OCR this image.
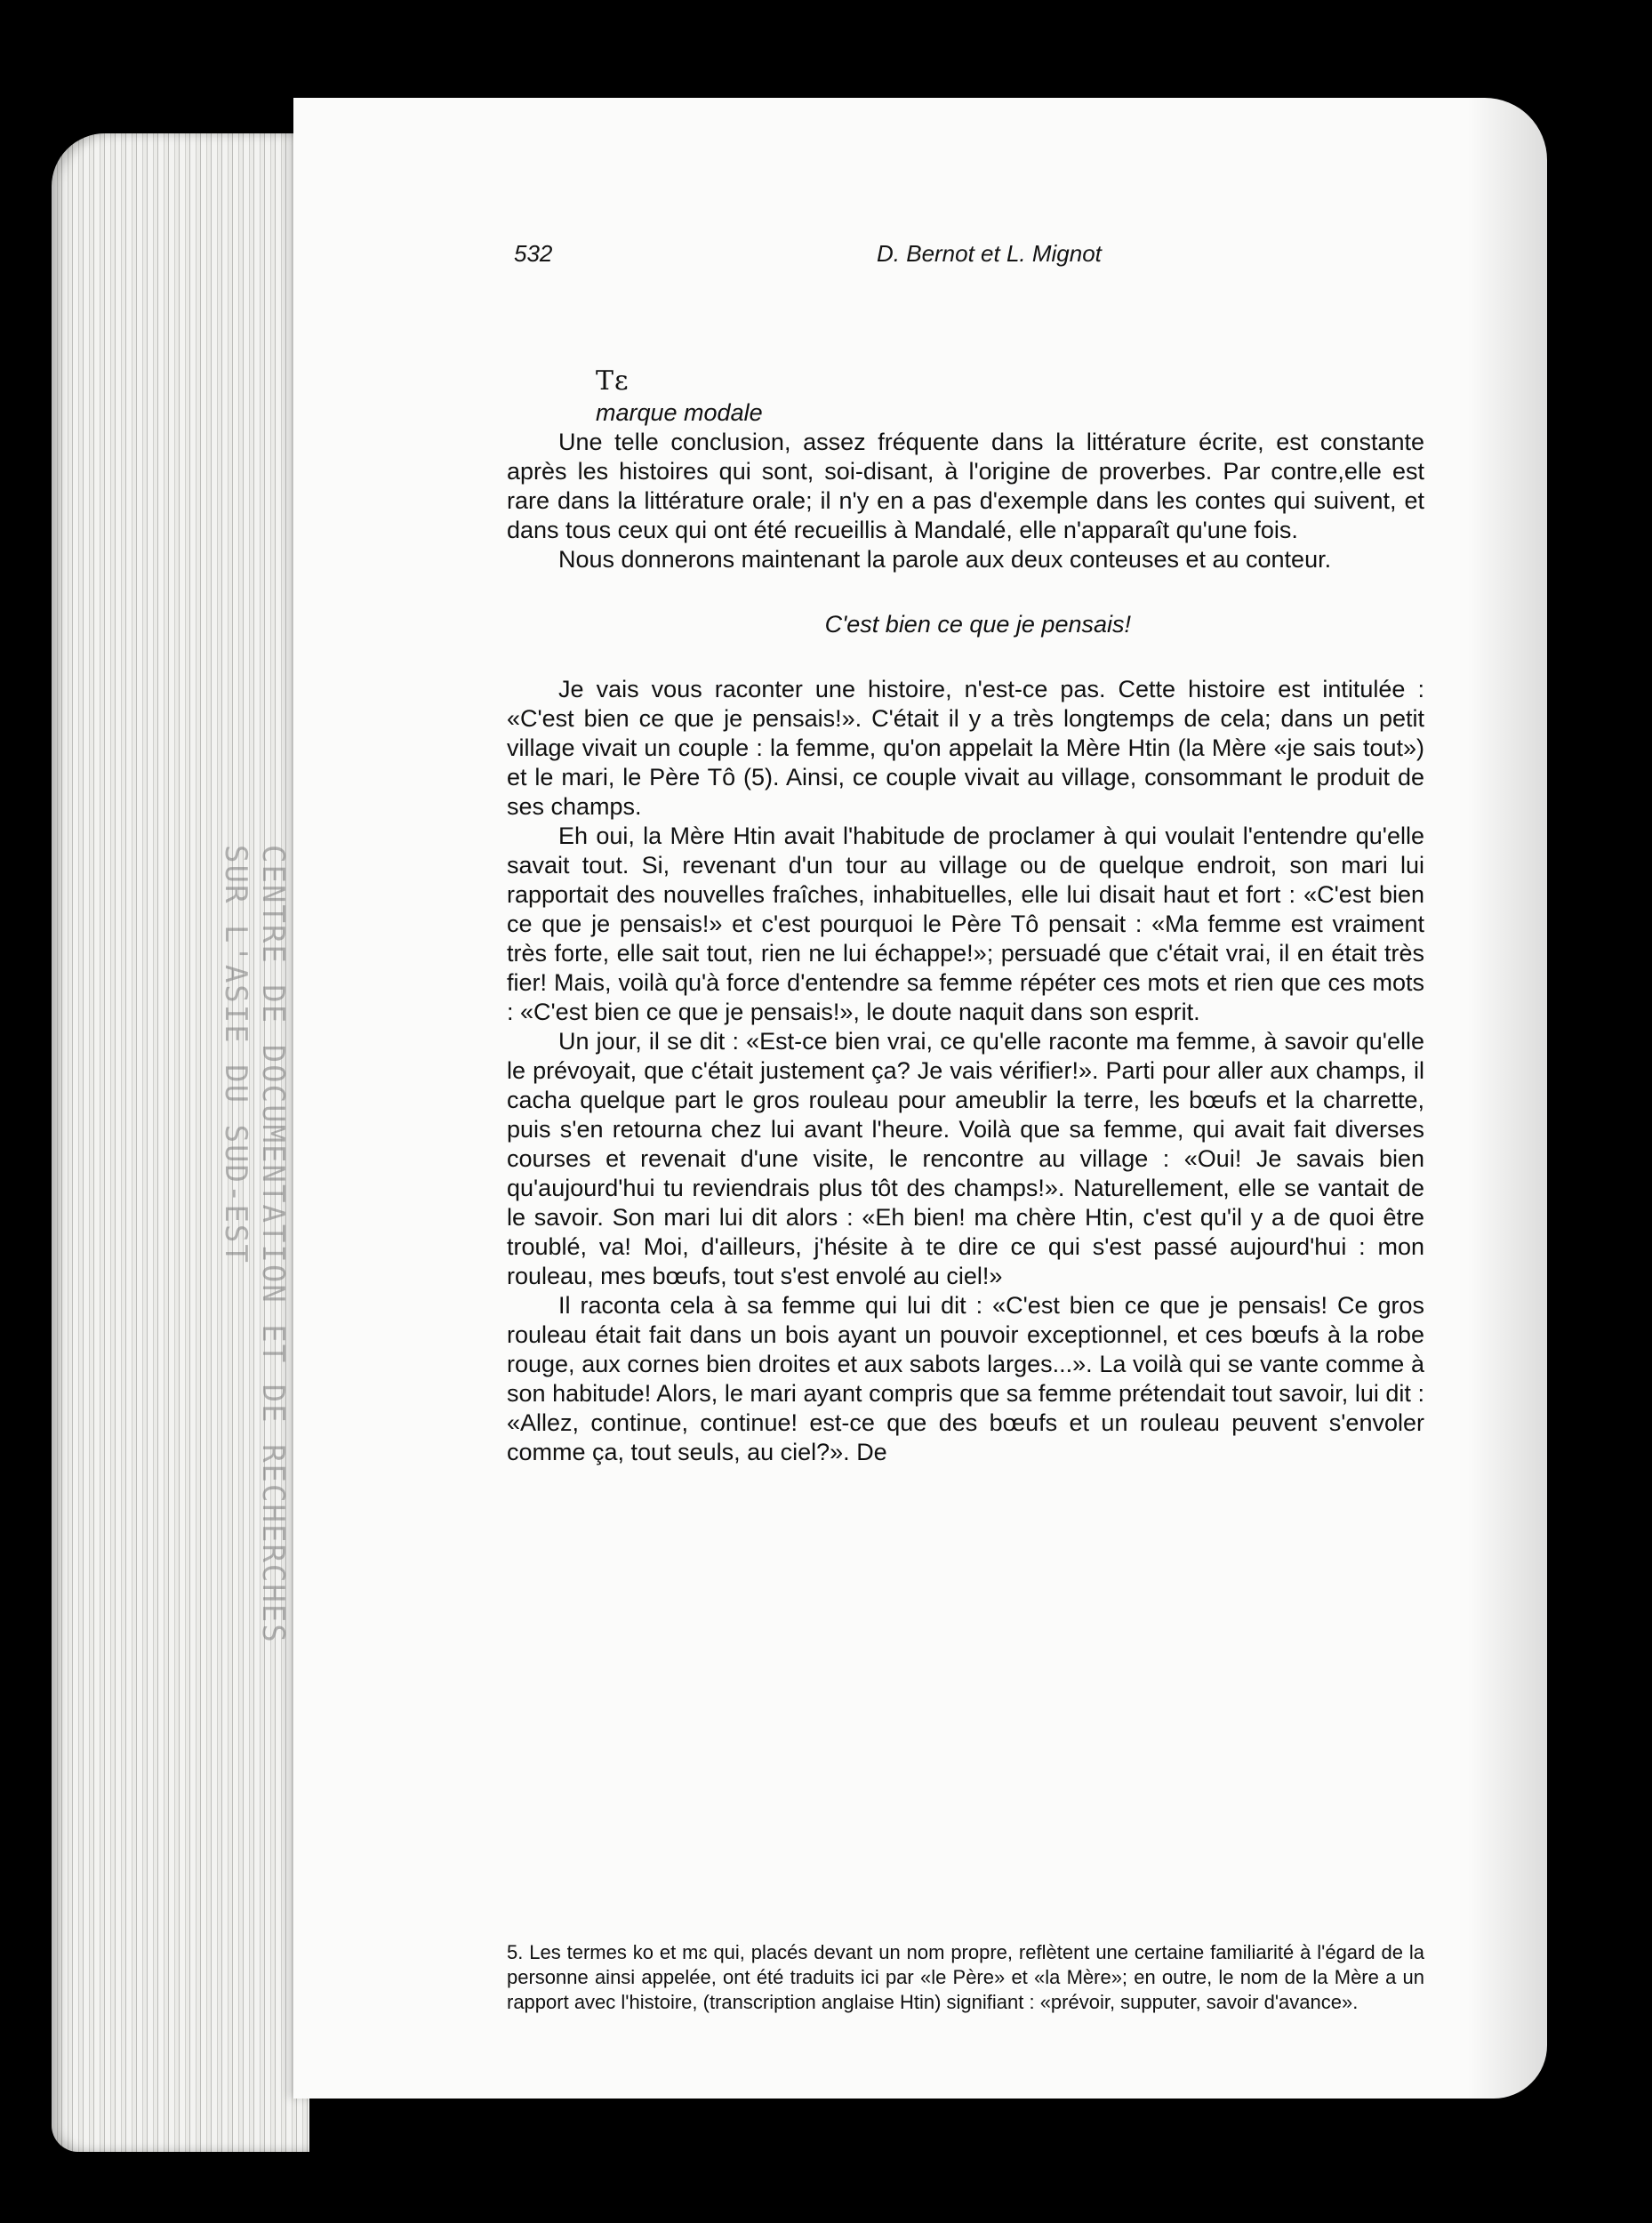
CENTRE DE DOCUMENTATION ET DE RECHERCHES SUR L'ASIE DU SUD-EST
532	D. Bernot et L. Mignot
Tɛ
marque modale

Une telle conclusion, assez fréquente dans la littérature écrite, est constante après les histoires qui sont, soi-disant, à l'origine de proverbes. Par contre,elle est rare dans la littérature orale; il n'y en a pas d'exemple dans les contes qui suivent, et dans tous ceux qui ont été recueillis à Mandalé, elle n'apparaît qu'une fois.

Nous donnerons maintenant la parole aux deux conteuses et au conteur.

C'est bien ce que je pensais!

Je vais vous raconter une histoire, n'est-ce pas. Cette histoire est intitulée : «C'est bien ce que je pensais!». C'était il y a très longtemps de cela; dans un petit village vivait un couple : la femme, qu'on appelait la Mère Htin (la Mère «je sais tout») et le mari, le Père Tô (5). Ainsi, ce couple vivait au village, consommant le produit de ses champs.

Eh oui, la Mère Htin avait l'habitude de proclamer à qui voulait l'entendre qu'elle savait tout. Si, revenant d'un tour au village ou de quelque endroit, son mari lui rapportait des nouvelles fraîches, inhabituelles, elle lui disait haut et fort : «C'est bien ce que je pensais!» et c'est pourquoi le Père Tô pensait : «Ma femme est vraiment très forte, elle sait tout, rien ne lui échappe!»; persuadé que c'était vrai, il en était très fier! Mais, voilà qu'à force d'entendre sa femme répéter ces mots et rien que ces mots : «C'est bien ce que je pensais!», le doute naquit dans son esprit.

Un jour, il se dit : «Est-ce bien vrai, ce qu'elle raconte ma femme, à savoir qu'elle le prévoyait, que c'était justement ça? Je vais vérifier!». Parti pour aller aux champs, il cacha quelque part le gros rouleau pour ameublir la terre, les bœufs et la charrette, puis s'en retourna chez lui avant l'heure. Voilà que sa femme, qui avait fait diverses courses et revenait d'une visite, le rencontre au village : «Oui! Je savais bien qu'aujourd'hui tu reviendrais plus tôt des champs!». Naturellement, elle se vantait de le savoir. Son mari lui dit alors : «Eh bien! ma chère Htin, c'est qu'il y a de quoi être troublé, va! Moi, d'ailleurs, j'hésite à te dire ce qui s'est passé aujourd'hui : mon rouleau, mes bœufs, tout s'est envolé au ciel!»

Il raconta cela à sa femme qui lui dit : «C'est bien ce que je pensais! Ce gros rouleau était fait dans un bois ayant un pouvoir exceptionnel, et ces bœufs à la robe rouge, aux cornes bien droites et aux sabots larges...». La voilà qui se vante comme à son habitude! Alors, le mari ayant compris que sa femme prétendait tout savoir, lui dit : «Allez, continue, continue! est-ce que des bœufs et un rouleau peuvent s'envoler comme ça, tout seuls, au ciel?». De

5. Les termes ko et mɛ qui, placés devant un nom propre, reflètent une certaine familiarité à l'égard de la personne ainsi appelée, ont été traduits ici par «le Père» et «la Mère»; en outre, le nom de la Mère a un rapport avec l'histoire, (transcription anglaise Htin) signifiant : «prévoir, supputer, savoir d'avance».
